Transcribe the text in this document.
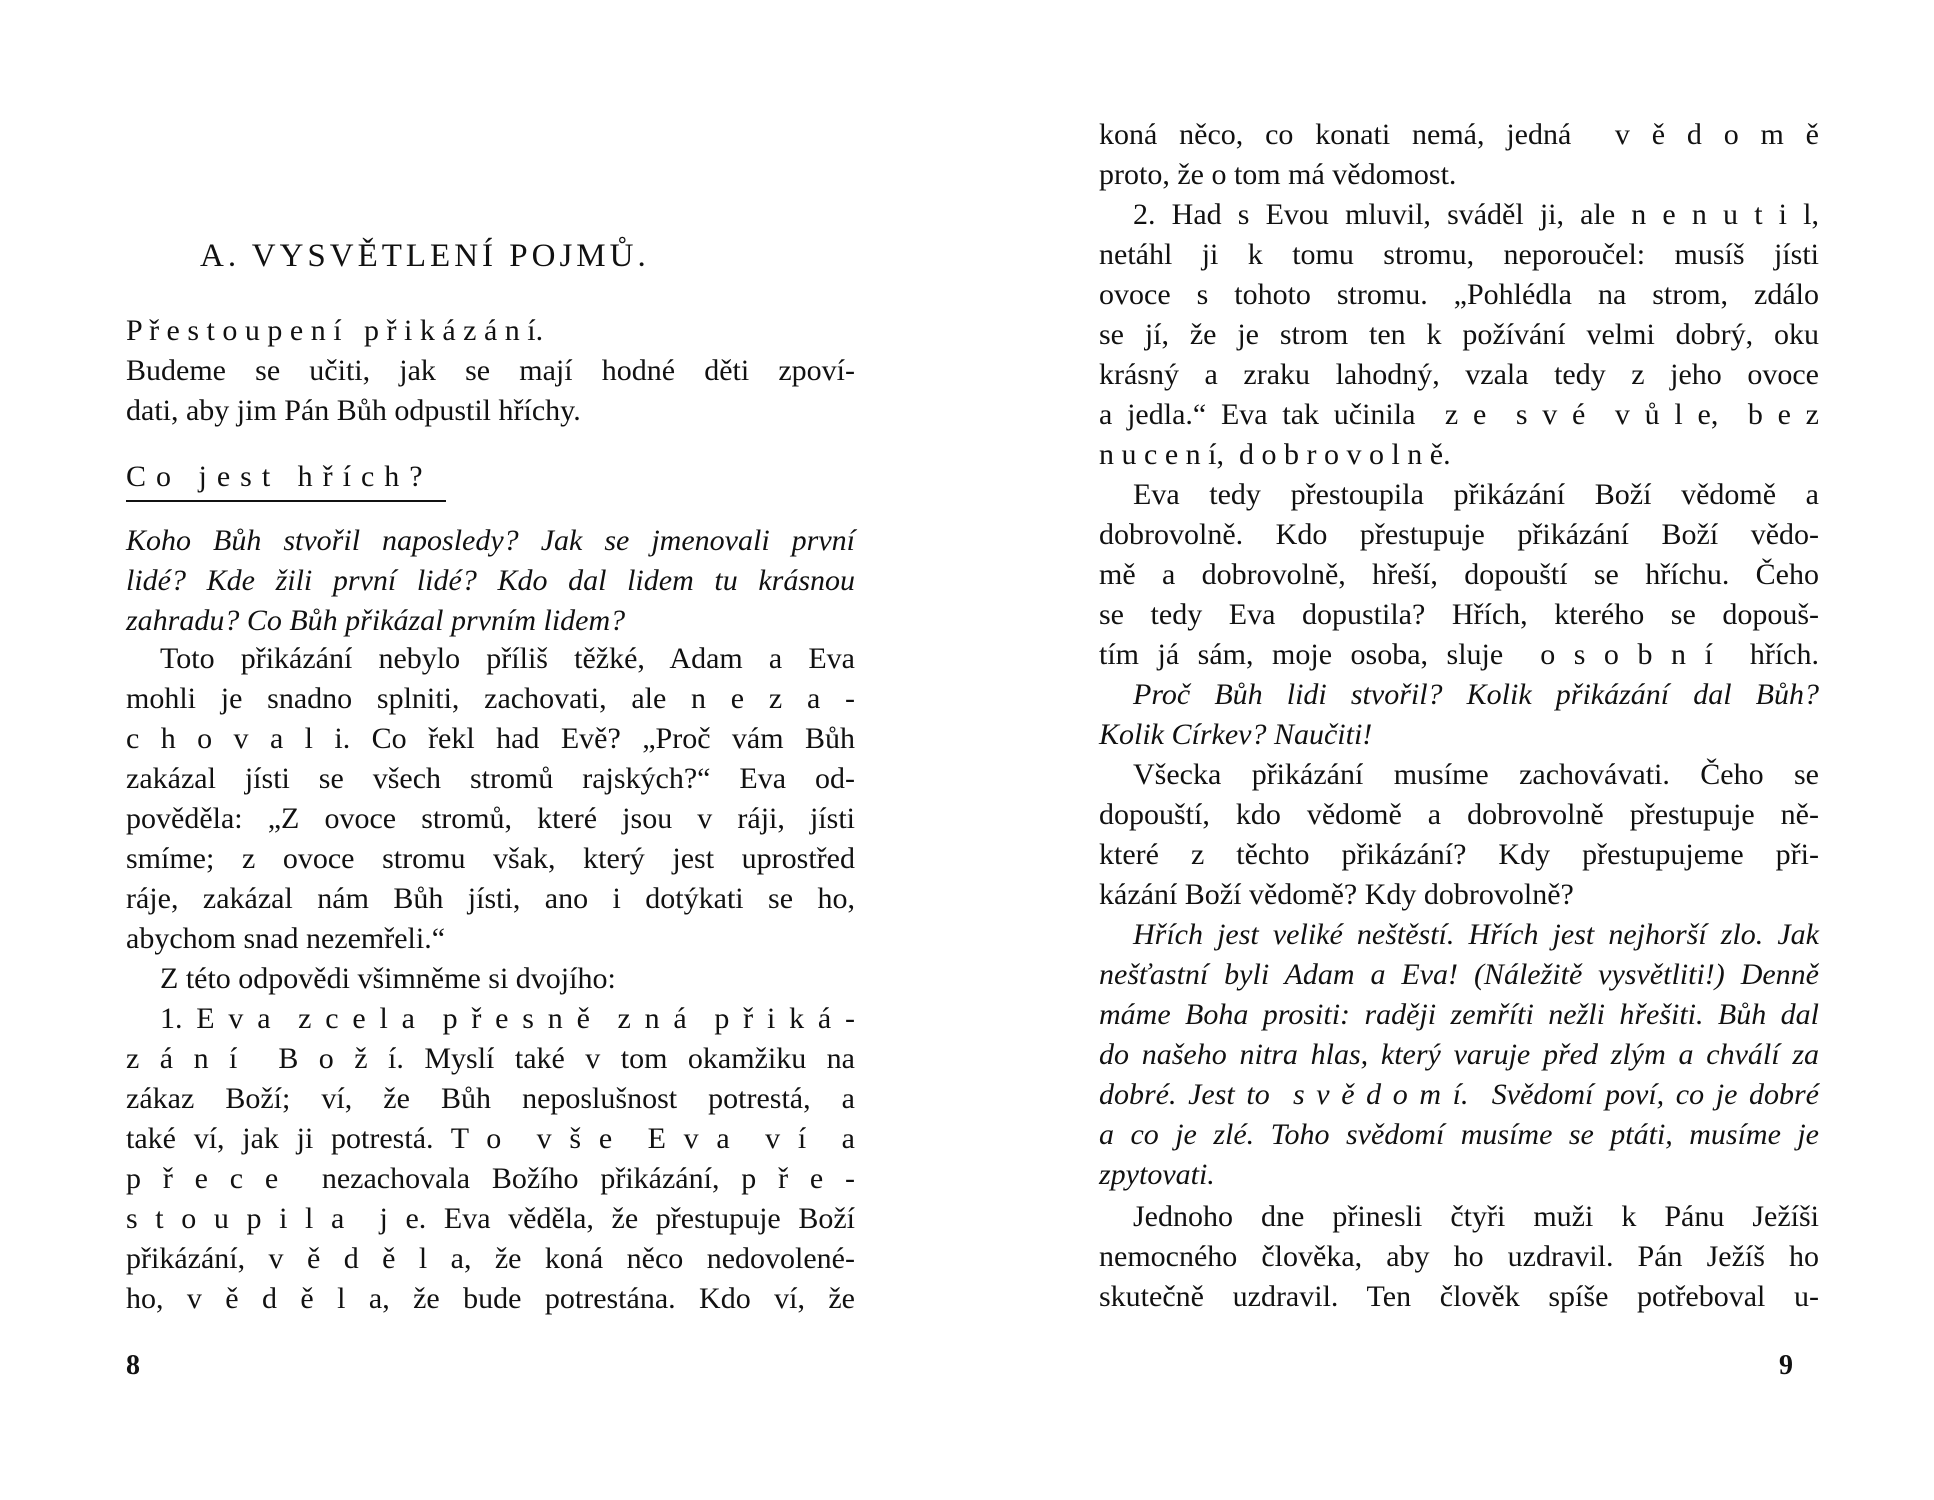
A. VYSVĚTLENÍ POJMŮ.
P ř e s t o u p e n í   p ř i k á z á n í.
Budeme se učiti, jak se mají hodné děti zpoví-
dati, aby jim Pán Bůh odpustil hříchy.
Co jest hřích?
Koho Bůh stvořil naposledy? Jak se jmenovali první
lidé? Kde žili první lidé? Kdo dal lidem tu krásnou
zahradu? Co Bůh přikázal prvním lidem?
Toto přikázání nebylo příliš těžké, Adam a Eva
mohli je snadno splniti, zachovati, ale n e z a -
c h o v a l i. Co řekl had Evě? „Proč vám Bůh
zakázal jísti se všech stromů rajských?“ Eva od-
pověděla: „Z ovoce stromů, které jsou v ráji, jísti
smíme; z ovoce stromu však, který jest uprostřed
ráje, zakázal nám Bůh jísti, ano i dotýkati se ho,
abychom snad nezemřeli.“
Z této odpovědi všimněme si dvojího:
1. E v a  z c e l a  p ř e s n ě  z n á  p ř i k á -
z á n í  B o ž í. Myslí také v tom okamžiku na
zákaz Boží; ví, že Bůh neposlušnost potrestá, a
také ví, jak ji potrestá. T o  v š e  E v a  v í  a
p ř e c e  nezachovala Božího přikázání, p ř e -
s t o u p i l a  j e. Eva věděla, že přestupuje Boží
přikázání, v ě d ě l a, že koná něco nedovolené-
ho, v ě d ě l a, že bude potrestána. Kdo ví, že
8
koná něco, co konati nemá, jedná  v ě d o m ě
proto, že o tom má vědomost.
2. Had s Evou mluvil, sváděl ji, ale n e n u t i l,
netáhl ji k tomu stromu, neporoučel: musíš jísti
ovoce s tohoto stromu. „Pohlédla na strom, zdálo
se jí, že je strom ten k požívání velmi dobrý, oku
krásný a zraku lahodný, vzala tedy z jeho ovoce
a jedla.“ Eva tak učinila  z e  s v é  v ů l e,  b e z
n u c e n í,  d o b r o v o l n ě.
Eva tedy přestoupila přikázání Boží vědomě a
dobrovolně. Kdo přestupuje přikázání Boží vědo-
mě a dobrovolně, hřeší, dopouští se hříchu. Čeho
se tedy Eva dopustila? Hřích, kterého se dopouš-
tím já sám, moje osoba, sluje  o s o b n í  hřích.
Proč Bůh lidi stvořil? Kolik přikázání dal Bůh?
Kolik Církev? Naučiti!
Všecka přikázání musíme zachovávati. Čeho se
dopouští, kdo vědomě a dobrovolně přestupuje ně-
které z těchto přikázání? Kdy přestupujeme při-
kázání Boží vědomě? Kdy dobrovolně?
Hřích jest veliké neštěstí. Hřích jest nejhorší zlo. Jak
nešťastní byli Adam a Eva! (Náležitě vysvětliti!) Denně
máme Boha prositi: raději zemříti nežli hřešiti. Bůh dal
do našeho nitra hlas, který varuje před zlým a chválí za
dobré. Jest to  s v ě d o m í.  Svědomí poví, co je dobré
a co je zlé. Toho svědomí musíme se ptáti, musíme je
zpytovati.
Jednoho dne přinesli čtyři muži k Pánu Ježíši
nemocného člověka, aby ho uzdravil. Pán Ježíš ho
skutečně uzdravil. Ten člověk spíše potřeboval u-
9
